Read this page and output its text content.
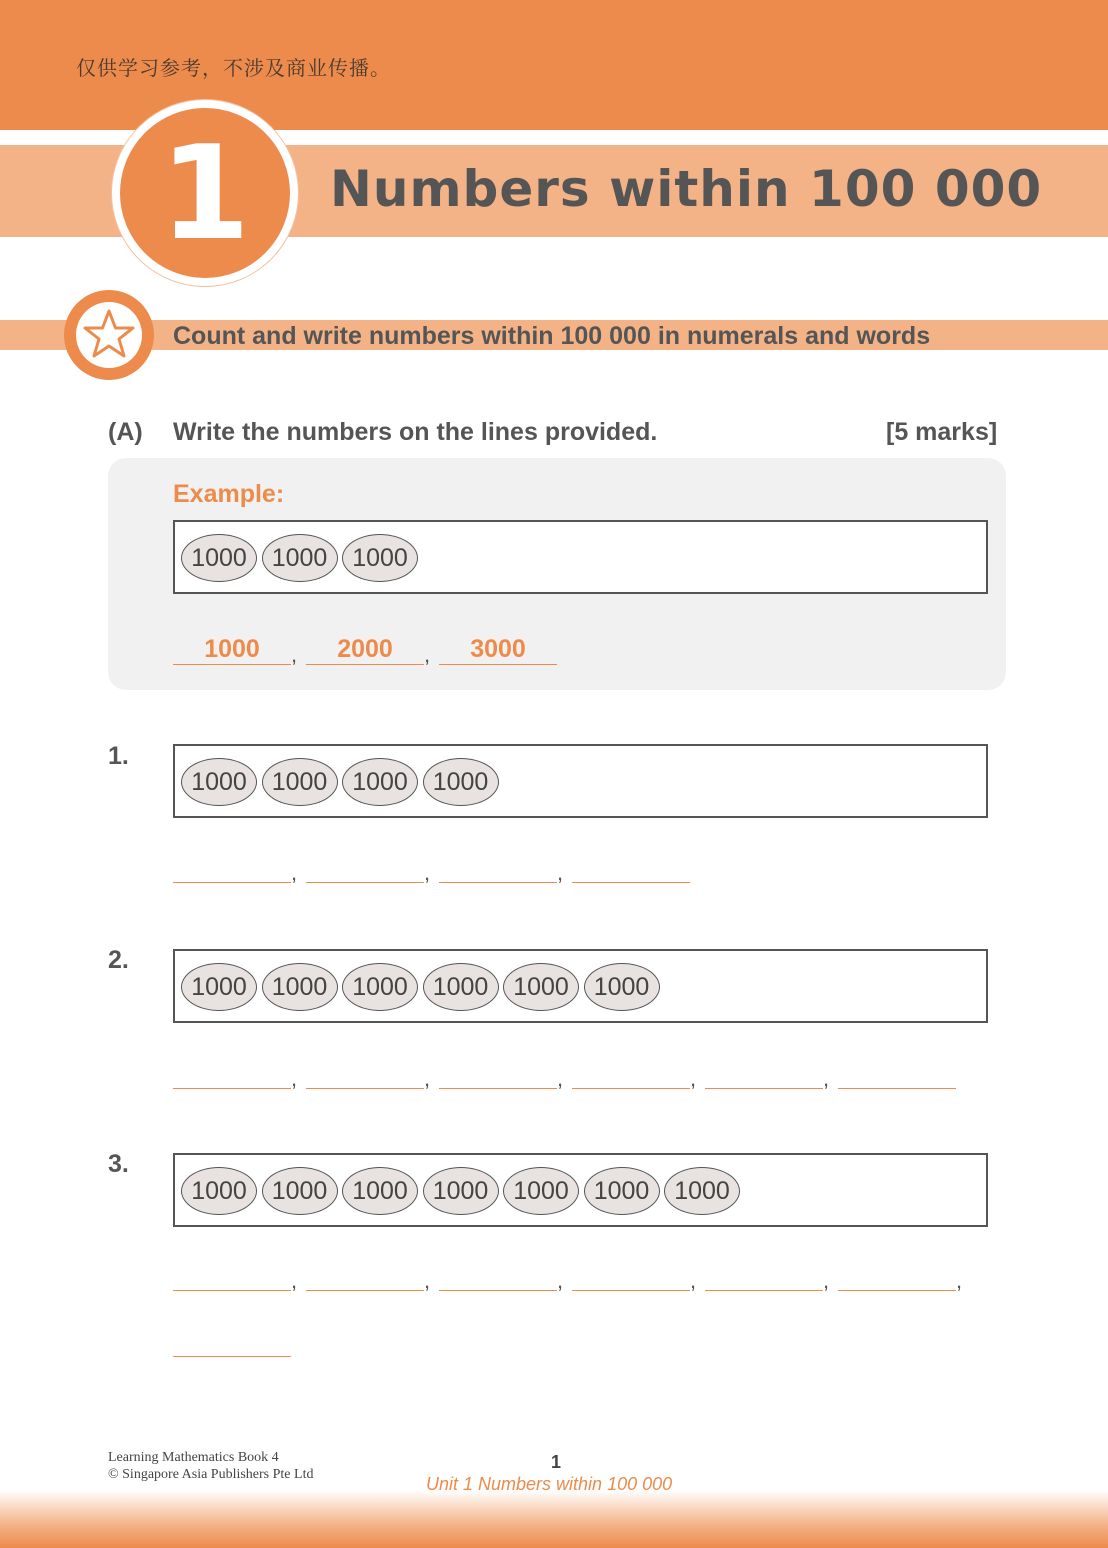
仅供学习参考，不涉及商业传播。
1	Numbers within 100 000
Count and write numbers within 100 000 in numerals and words
(A) Write the numbers on the lines provided.	[5 marks]
Example:
1000 1000 1000
1000	,	2000	,	3000
1.
1000 1000 1000 1000
,	,	,
2.
1000 1000 1000 1000 1000 1000
,	,	,	,	,
3.
1000 1000 1000 1000 1000 1000 1000
,	,	,	,	,	,
Learning Mathematics Book 4
© Singapore Asia Publishers Pte Ltd
1
Unit 1 Numbers within 100 000
